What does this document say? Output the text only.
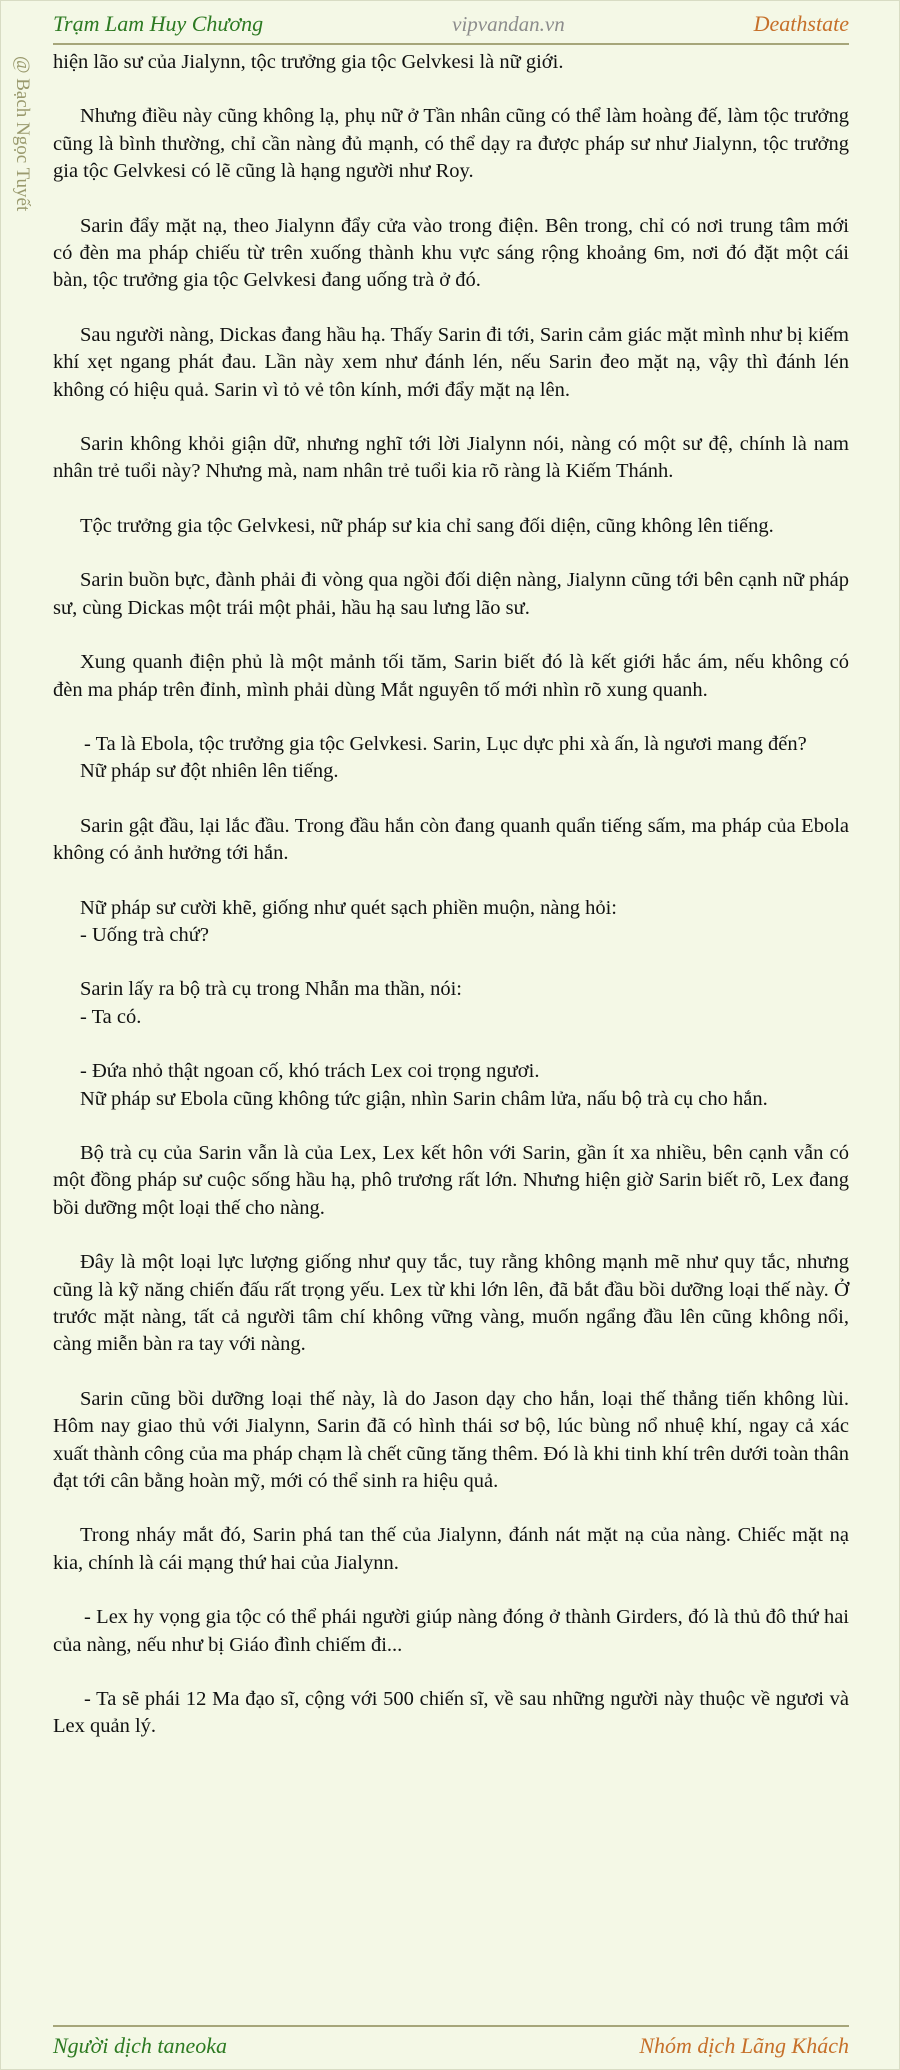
Trạm Lam Huy Chương	vipvandan.vn	Deathstate
@ Bạch Ngọc Tuyết hiện lão sư của Jialynn, tộc trưởng gia tộc Gelvkesi là nữ giới.

Nhưng điều này cũng không lạ, phụ nữ ở Tần nhân cũng có thể làm hoàng đế, làm tộc trưởng cũng là bình thường, chỉ cần nàng đủ mạnh, có thể dạy ra được pháp sư như Jialynn, tộc trưởng gia tộc Gelvkesi có lẽ cũng là hạng người như Roy.

Sarin đẩy mặt nạ, theo Jialynn đẩy cửa vào trong điện. Bên trong, chỉ có nơi trung tâm mới có đèn ma pháp chiếu từ trên xuống thành khu vực sáng rộng khoảng 6m, nơi đó đặt một cái bàn, tộc trưởng gia tộc Gelvkesi đang uống trà ở đó.

Sau người nàng, Dickas đang hầu hạ. Thấy Sarin đi tới, Sarin cảm giác mặt mình như bị kiếm khí xẹt ngang phát đau. Lần này xem như đánh lén, nếu Sarin đeo mặt nạ, vậy thì đánh lén không có hiệu quả. Sarin vì tỏ vẻ tôn kính, mới đẩy mặt nạ lên.

Sarin không khỏi giận dữ, nhưng nghĩ tới lời Jialynn nói, nàng có một sư đệ, chính là nam nhân trẻ tuổi này? Nhưng mà, nam nhân trẻ tuổi kia rõ ràng là Kiếm Thánh.

Tộc trưởng gia tộc Gelvkesi, nữ pháp sư kia chỉ sang đối diện, cũng không lên tiếng.

Sarin buồn bực, đành phải đi vòng qua ngồi đối diện nàng, Jialynn cũng tới bên cạnh nữ pháp sư, cùng Dickas một trái một phải, hầu hạ sau lưng lão sư.

Xung quanh điện phủ là một mảnh tối tăm, Sarin biết đó là kết giới hắc ám, nếu không có đèn ma pháp trên đỉnh, mình phải dùng Mắt nguyên tố mới nhìn rõ xung quanh.

- Ta là Ebola, tộc trưởng gia tộc Gelvkesi. Sarin, Lục dực phi xà ấn, là ngươi mang đến?

Nữ pháp sư đột nhiên lên tiếng.

Sarin gật đầu, lại lắc đầu. Trong đầu hắn còn đang quanh quẩn tiếng sấm, ma pháp của Ebola không có ảnh hưởng tới hắn.

Nữ pháp sư cười khẽ, giống như quét sạch phiền muộn, nàng hỏi:

- Uống trà chứ?

Sarin lấy ra bộ trà cụ trong Nhẫn ma thần, nói:

- Ta có.

- Đứa nhỏ thật ngoan cố, khó trách Lex coi trọng ngươi.

Nữ pháp sư Ebola cũng không tức giận, nhìn Sarin châm lửa, nấu bộ trà cụ cho hắn.

Bộ trà cụ của Sarin vẫn là của Lex, Lex kết hôn với Sarin, gần ít xa nhiều, bên cạnh vẫn có một đồng pháp sư cuộc sống hầu hạ, phô trương rất lớn. Nhưng hiện giờ Sarin biết rõ, Lex đang bồi dưỡng một loại thế cho nàng.

Đây là một loại lực lượng giống như quy tắc, tuy rằng không mạnh mẽ như quy tắc, nhưng cũng là kỹ năng chiến đấu rất trọng yếu. Lex từ khi lớn lên, đã bắt đầu bồi dưỡng loại thế này. Ở trước mặt nàng, tất cả người tâm chí không vững vàng, muốn ngẩng đầu lên cũng không nổi, càng miễn bàn ra tay với nàng.

Sarin cũng bồi dưỡng loại thế này, là do Jason dạy cho hắn, loại thế thẳng tiến không lùi. Hôm nay giao thủ với Jialynn, Sarin đã có hình thái sơ bộ, lúc bùng nổ nhuệ khí, ngay cả xác xuất thành công của ma pháp chạm là chết cũng tăng thêm. Đó là khi tinh khí trên dưới toàn thân đạt tới cân bằng hoàn mỹ, mới có thể sinh ra hiệu quả.

Trong nháy mắt đó, Sarin phá tan thế của Jialynn, đánh nát mặt nạ của nàng. Chiếc mặt nạ kia, chính là cái mạng thứ hai của Jialynn.

- Lex hy vọng gia tộc có thể phái người giúp nàng đóng ở thành Girders, đó là thủ đô thứ hai của nàng, nếu như bị Giáo đình chiếm đi...

- Ta sẽ phái 12 Ma đạo sĩ, cộng với 500 chiến sĩ, về sau những người này thuộc về ngươi và Lex quản lý.

Người dịch taneoka	Nhóm dịch Lãng Khách
